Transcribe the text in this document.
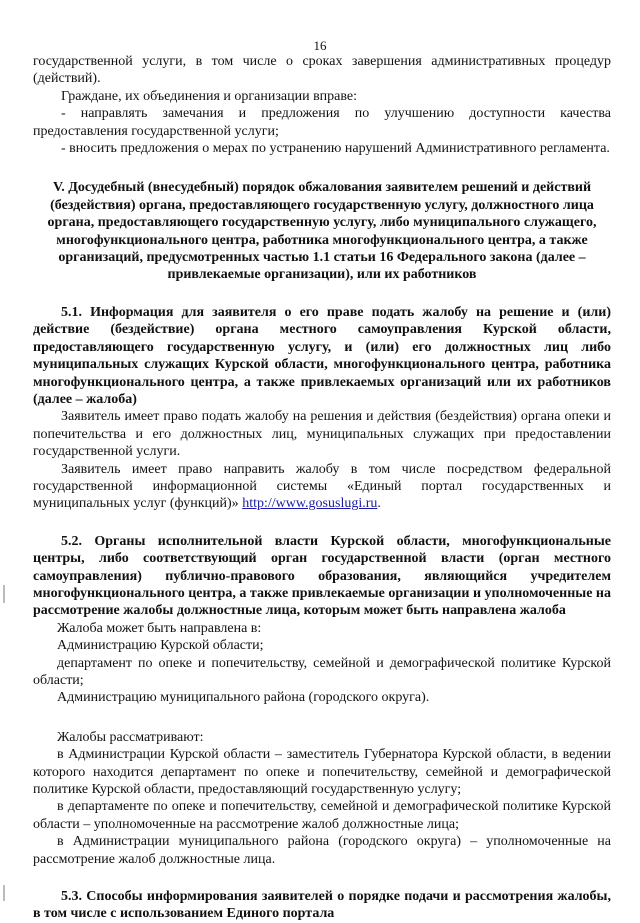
16

государственной услуги, в том числе о сроках завершения административных процедур (действий).

Граждане, их объединения и организации вправе:

- направлять замечания и предложения по улучшению доступности качества предоставления государственной услуги;

- вносить предложения о мерах по устранению нарушений Административного регламента.

V. Досудебный (внесудебный) порядок обжалования заявителем решений и действий (бездействия) органа, предоставляющего государственную услугу, должностного лица органа, предоставляющего государственную услугу, либо муниципального служащего, многофункционального центра, работника многофункционального центра, а также организаций, предусмотренных частью 1.1 статьи 16 Федерального закона (далее – привлекаемые организации), или их работников

5.1. Информация для заявителя о его праве подать жалобу на решение и (или) действие (бездействие) органа местного самоуправления Курской области, предоставляющего государственную услугу, и (или) его должностных лиц либо муниципальных служащих Курской области, многофункционального центра, работника многофункционального центра, а также привлекаемых организаций или их работников (далее – жалоба)

Заявитель имеет право подать жалобу на решения и действия (бездействия) органа опеки и попечительства и его должностных лиц, муниципальных служащих при предоставлении государственной услуги.

Заявитель имеет право направить жалобу в том числе посредством федеральной государственной информационной системы «Единый портал государственных и муниципальных услуг (функций)» http://www.gosuslugi.ru.

5.2. Органы исполнительной власти Курской области, многофункциональные центры, либо соответствующий орган государственной власти (орган местного самоуправления) публично-правового образования, являющийся учредителем многофункционального центра, а также привлекаемые организации и уполномоченные на рассмотрение жалобы должностные лица, которым может быть направлена жалоба

Жалоба может быть направлена в:

Администрацию Курской области;

департамент по опеке и попечительству, семейной и демографической политике Курской области;

Администрацию муниципального района (городского округа).

Жалобы рассматривают:

в Администрации Курской области – заместитель Губернатора Курской области, в ведении которого находится департамент по опеке и попечительству, семейной и демографической политике Курской области, предоставляющий государственную услугу;

в департаменте по опеке и попечительству, семейной и демографической политике Курской области – уполномоченные на рассмотрение жалоб должностные лица;

в Администрации муниципального района (городского округа) – уполномоченные на рассмотрение жалоб должностные лица.

5.3. Способы информирования заявителей о порядке подачи и рассмотрения жалобы, в том числе с использованием Единого портала
